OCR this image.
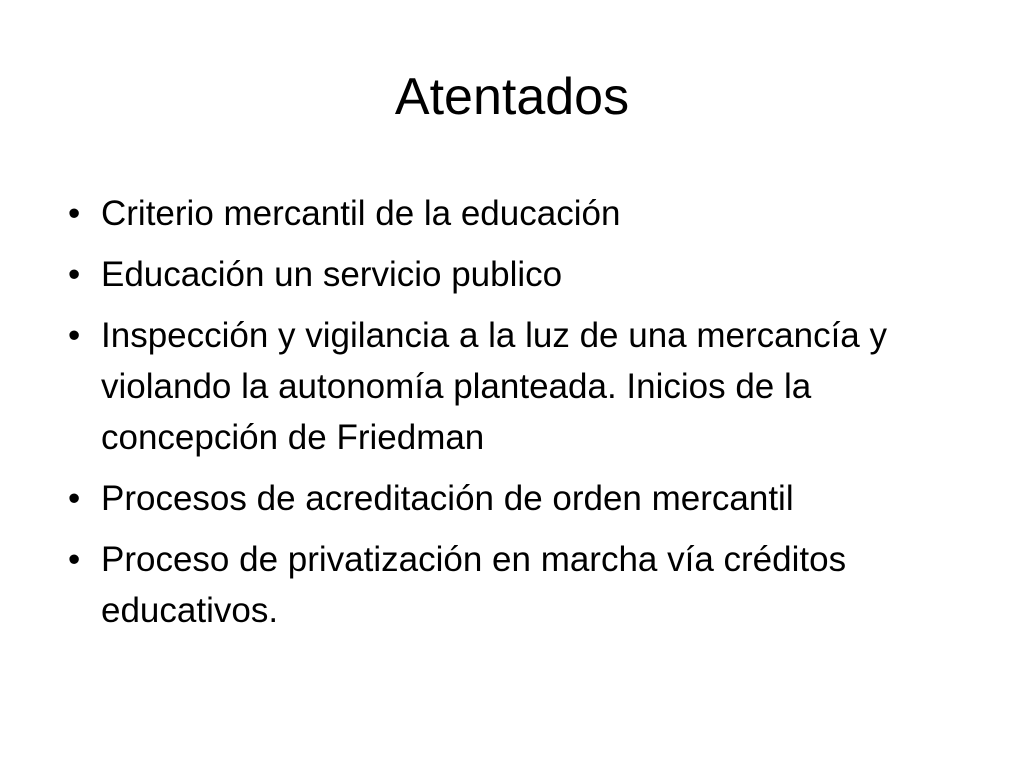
Atentados
• Criterio mercantil de la educación
• Educación un servicio publico
• Inspección y vigilancia a la luz de una mercancía y violando la autonomía planteada. Inicios de la concepción de Friedman
• Procesos de acreditación de orden mercantil
• Proceso de privatización en marcha vía créditos educativos.
